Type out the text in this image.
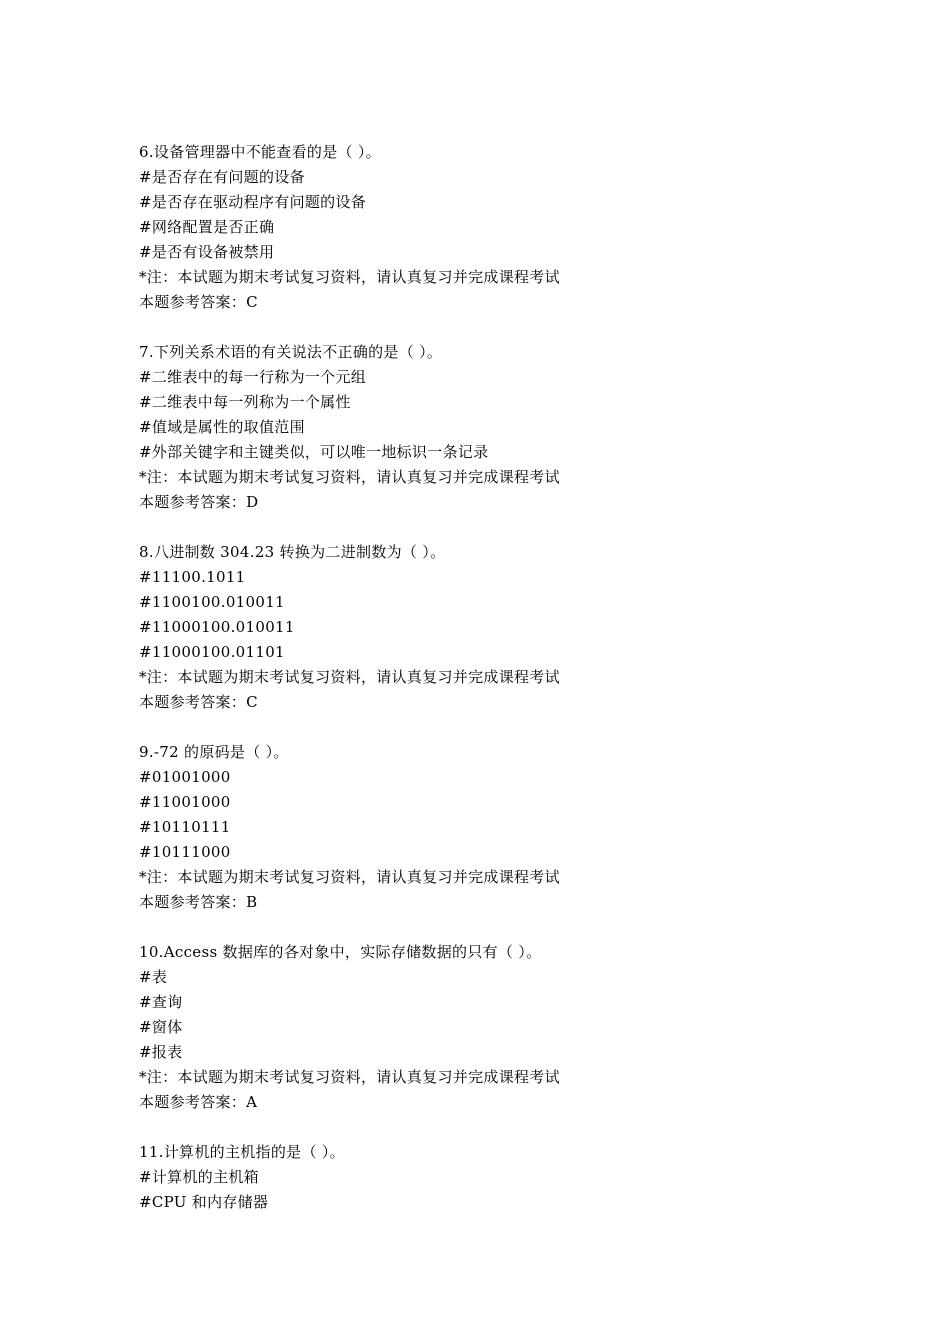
6.设备管理器中不能查看的是（ ）。
#是否存在有问题的设备
#是否存在驱动程序有问题的设备
#网络配置是否正确
#是否有设备被禁用
*注：本试题为期末考试复习资料，请认真复习并完成课程考试
本题参考答案：C
7.下列关系术语的有关说法不正确的是（ ）。
#二维表中的每一行称为一个元组
#二维表中每一列称为一个属性
#值域是属性的取值范围
#外部关键字和主键类似，可以唯一地标识一条记录
*注：本试题为期末考试复习资料，请认真复习并完成课程考试
本题参考答案：D
8.八进制数 304.23 转换为二进制数为（ ）。
#11100.1011
#1100100.010011
#11000100.010011
#11000100.01101
*注：本试题为期末考试复习资料，请认真复习并完成课程考试
本题参考答案：C
9.-72 的原码是（ ）。
#01001000
#11001000
#10110111
#10111000
*注：本试题为期末考试复习资料，请认真复习并完成课程考试
本题参考答案：B
10.Access 数据库的各对象中，实际存储数据的只有（ ）。
#表
#查询
#窗体
#报表
*注：本试题为期末考试复习资料，请认真复习并完成课程考试
本题参考答案：A
11.计算机的主机指的是（ ）。
#计算机的主机箱
#CPU 和内存储器
